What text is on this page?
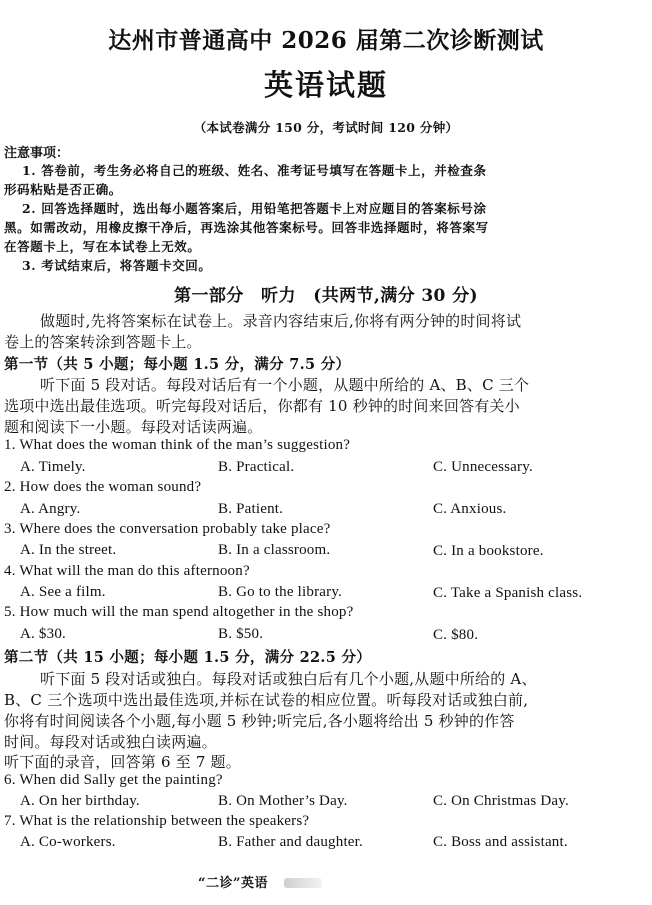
达州市普通高中 2026 届第二次诊断测试
英语试题
（本试卷满分 150 分，考试时间 120 分钟）
注意事项：
1. 答卷前，考生务必将自己的班级、姓名、准考证号填写在答题卡上，并检查条
形码粘贴是否正确。
2. 回答选择题时，选出每小题答案后，用铅笔把答题卡上对应题目的答案标号涂
黑。如需改动，用橡皮擦干净后，再选涂其他答案标号。回答非选择题时，将答案写
在答题卡上，写在本试卷上无效。
3. 考试结束后，将答题卡交回。
第一部分　听力　(共两节,满分 30 分)
做题时,先将答案标在试卷上。录音内容结束后,你将有两分钟的时间将试
卷上的答案转涂到答题卡上。
第一节（共 5 小题；每小题 1.5 分，满分 7.5 分）
听下面 5 段对话。每段对话后有一个小题，从题中所给的 A、B、C 三个
选项中选出最佳选项。听完每段对话后，你都有 10 秒钟的时间来回答有关小
题和阅读下一小题。每段对话读两遍。
1. What does the woman think of the man’s suggestion?
A. Timely.	B. Practical.	C. Unnecessary.
2. How does the woman sound?
A. Angry.	B. Patient.	C. Anxious.
3. Where does the conversation probably take place?
A. In the street.	B. In a classroom.	C. In a bookstore.
4. What will the man do this afternoon?
A. See a film.	B. Go to the library.	C. Take a Spanish class.
5. How much will the man spend altogether in the shop?
A. $30.	B. $50.	C. $80.
第二节（共 15 小题；每小题 1.5 分，满分 22.5 分）
听下面 5 段对话或独白。每段对话或独白后有几个小题,从题中所给的 A、
B、C 三个选项中选出最佳选项,并标在试卷的相应位置。听每段对话或独白前,
你将有时间阅读各个小题,每小题 5 秒钟;听完后,各小题将给出 5 秒钟的作答
时间。每段对话或独白读两遍。
听下面的录音，回答第 6 至 7 题。
6. When did Sally get the painting?
A. On her birthday.	B. On Mother’s Day.	C. On Christmas Day.
7. What is the relationship between the speakers?
A. Co-workers.	B. Father and daughter.	C. Boss and assistant.
“二诊”英语
